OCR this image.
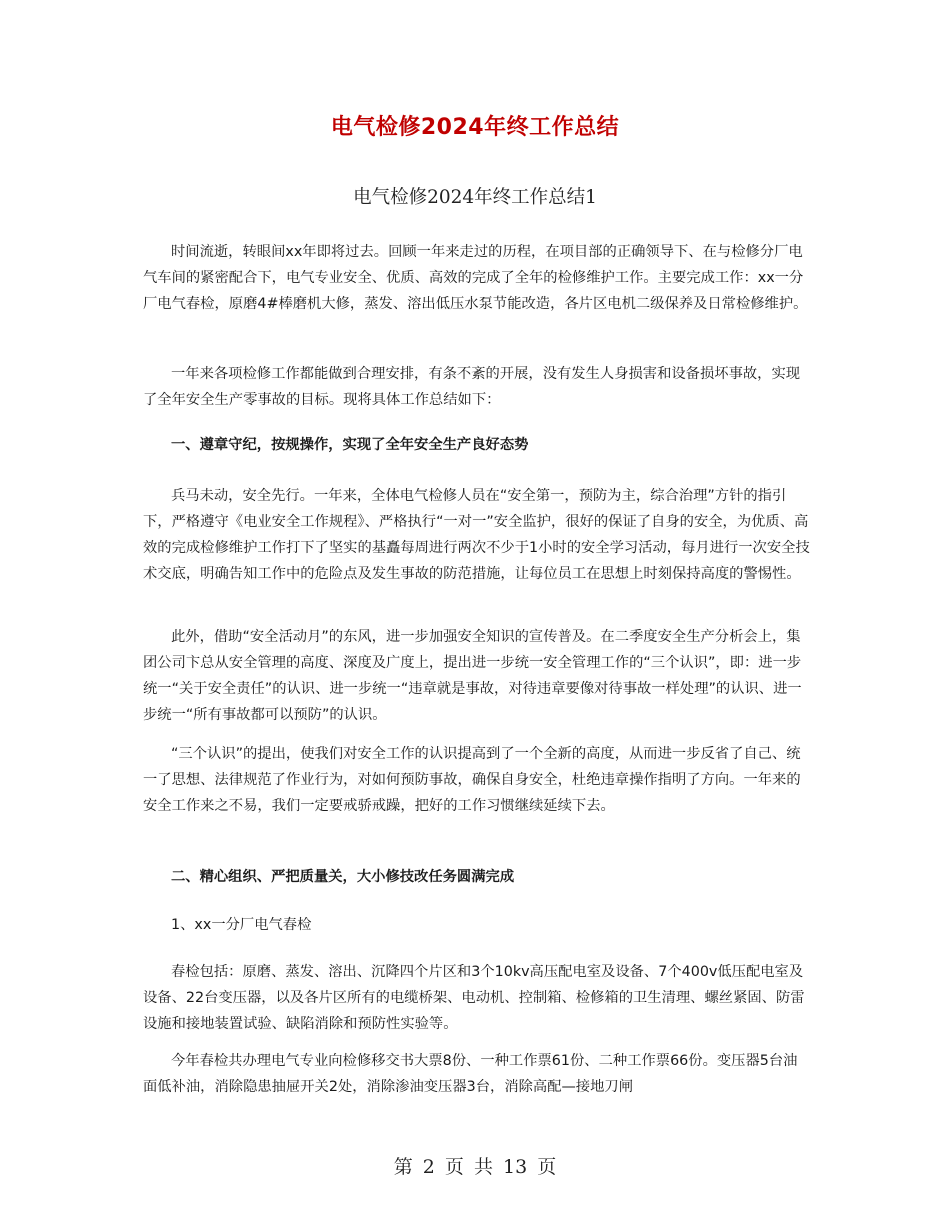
电气检修2024年终工作总结
电气检修2024年终工作总结1

时间流逝，转眼间xx年即将过去。回顾一年来走过的历程，在项目部的正确领导下、在与检修分厂电气车间的紧密配合下，电气专业安全、优质、高效的完成了全年的检修维护工作。主要完成工作：xx一分厂电气春检，原磨4#棒磨机大修，蒸发、溶出低压水泵节能改造，各片区电机二级保养及日常检修维护。

一年来各项检修工作都能做到合理安排，有条不紊的开展，没有发生人身损害和设备损坏事故，实现了全年安全生产零事故的目标。现将具体工作总结如下：

一、遵章守纪，按规操作，实现了全年安全生产良好态势

兵马未动，安全先行。一年来，全体电气检修人员在“安全第一，预防为主，综合治理”方针的指引下，严格遵守《电业安全工作规程》、严格执行“一对一”安全监护，很好的保证了自身的安全，为优质、高效的完成检修维护工作打下了坚实的基矗每周进行两次不少于1小时的安全学习活动，每月进行一次安全技术交底，明确告知工作中的危险点及发生事故的防范措施，让每位员工在思想上时刻保持高度的警惕性。

此外，借助“安全活动月”的东风，进一步加强安全知识的宣传普及。在二季度安全生产分析会上，集团公司卞总从安全管理的高度、深度及广度上，提出进一步统一安全管理工作的“三个认识”，即：进一步统一“关于安全责任”的认识、进一步统一“违章就是事故，对待违章要像对待事故一样处理”的认识、进一步统一“所有事故都可以预防”的认识。

“三个认识”的提出，使我们对安全工作的认识提高到了一个全新的高度，从而进一步反省了自己、统一了思想、法律规范了作业行为，对如何预防事故，确保自身安全，杜绝违章操作指明了方向。一年来的安全工作来之不易，我们一定要戒骄戒躁，把好的工作习惯继续延续下去。

二、精心组织、严把质量关，大小修技改任务圆满完成
1、xx一分厂电气春检

春检包括：原磨、蒸发、溶出、沉降四个片区和3个10kv高压配电室及设备、7个400v低压配电室及设备、22台变压器，以及各片区所有的电缆桥架、电动机、控制箱、检修箱的卫生清理、螺丝紧固、防雷设施和接地装置试验、缺陷消除和预防性实验等。

今年春检共办理电气专业向检修移交书大票8份、一种工作票61份、二种工作票66份。变压器5台油面低补油，消除隐患抽屉开关2处，消除渗油变压器3台，消除高配—接地刀闸

第 2 页 共 13 页
